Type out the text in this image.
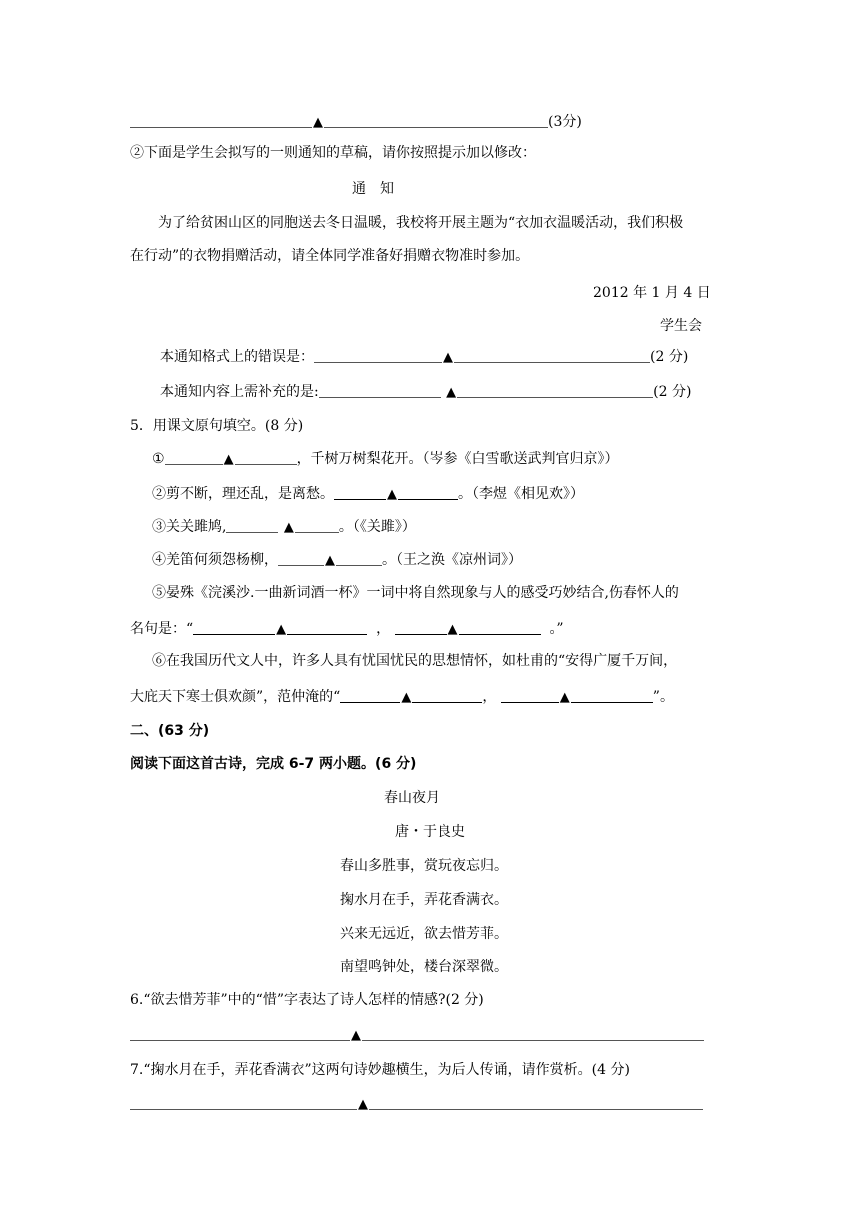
▲	(3分)
②下面是学生会拟写的一则通知的草稿，请你按照提示加以修改：
通　知
为了给贫困山区的同胞送去冬日温暖，我校将开展主题为“衣加衣温暖活动，我们积极
在行动”的衣物捐赠活动，请全体同学准备好捐赠衣物准时参加。
2012 年 1 月 4 日
学生会
本通知格式上的错误是：	▲	(2 分)
本通知内容上需补充的是:	▲	(2 分)
5．用课文原句填空。(8 分)
①	▲	，千树万树梨花开。（岑参《白雪歌送武判官归京》）
②剪不断，理还乱，是离愁。	▲	。（李煜《相见欢》）
③关关雎鸠,	▲	。（《关雎》）
④羌笛何须怨杨柳，	▲	。（王之涣《凉州词》）
⑤晏殊《浣溪沙.一曲新词酒一杯》一词中将自然现象与人的感受巧妙结合,伤春怀人的
名句是：“	▲	，	▲	。”
⑥在我国历代文人中，许多人具有忧国忧民的思想情怀，如杜甫的“安得广厦千万间，
大庇天下寒士俱欢颜”，范仲淹的“	▲	，	▲	”。
二、(63 分)
阅读下面这首古诗，完成 6-7 两小题。(6 分)
春山夜月
唐・于良史
春山多胜事，赏玩夜忘归。
掬水月在手，弄花香满衣。
兴来无远近，欲去惜芳菲。
南望鸣钟处，楼台深翠微。
6.“欲去惜芳菲”中的“惜”字表达了诗人怎样的情感?(2 分)
▲
7.“掬水月在手，弄花香满衣”这两句诗妙趣横生，为后人传诵，请作赏析。(4 分)
▲
